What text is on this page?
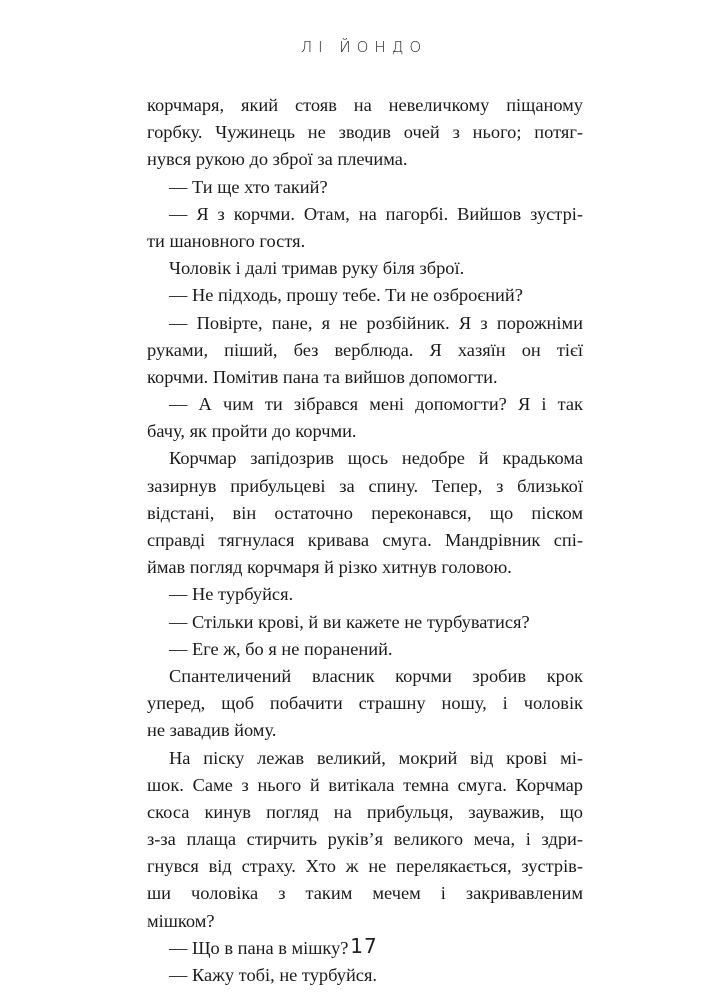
ЛІ ЙОНДО
корчмаря, який стояв на невеличкому піщаному
горбку. Чужинець не зводив очей з нього; потяг-
нувся рукою до зброї за плечима.
— Ти ще хто такий?
— Я з корчми. Отам, на пагорбі. Вийшов зустрі-
ти шановного гостя.
Чоловік і далі тримав руку біля зброї.
— Не підходь, прошу тебе. Ти не озброєний?
— Повірте, пане, я не розбійник. Я з порожніми
руками, піший, без верблюда. Я хазяїн он тієї
корчми. Помітив пана та вийшов допомогти.
— А чим ти зібрався мені допомогти? Я і так
бачу, як пройти до корчми.
Корчмар запідозрив щось недобре й крадькома
зазирнув прибульцеві за спину. Тепер, з близької
відстані, він остаточно переконався, що піском
справді тягнулася кривава смуга. Мандрівник спі-
ймав погляд корчмаря й різко хитнув головою.
— Не турбуйся.
— Стільки крові, й ви кажете не турбуватися?
— Еге ж, бо я не поранений.
Спантеличений власник корчми зробив крок
уперед, щоб побачити страшну ношу, і чоловік
не завадив йому.
На піску лежав великий, мокрий від крові мі-
шок. Саме з нього й витікала темна смуга. Корчмар
скоса кинув погляд на прибульця, зауважив, що
з-за плаща стирчить руків’я великого меча, і здри-
гнувся від страху. Хто ж не перелякається, зустрів-
ши чоловіка з таким мечем і закривавленим
мішком?
— Що в пана в мішку?
— Кажу тобі, не турбуйся.
17
